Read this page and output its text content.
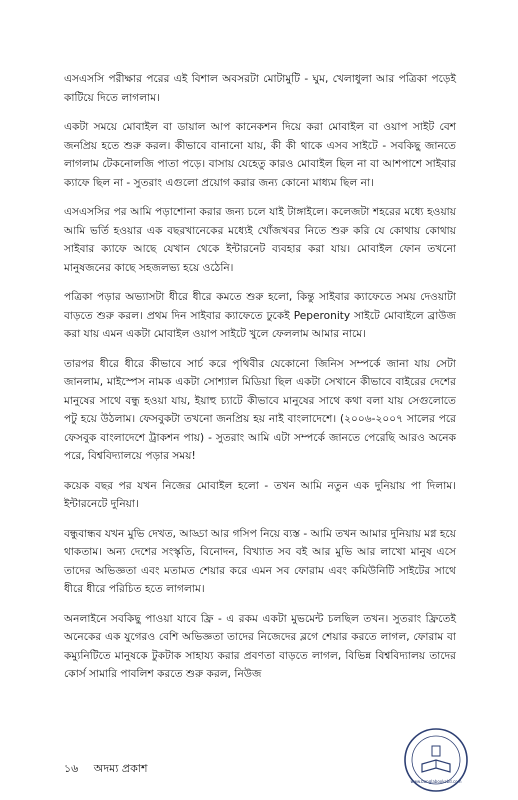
এসএসসি পরীক্ষার পরের এই বিশাল অবসরটা মোটামুটি - ঘুম, খেলাধুলা আর পত্রিকা পড়েই কাটিয়ে দিতে লাগলাম।

একটা সময়ে মোবাইল বা ডায়াল আপ কানেকশন দিয়ে করা মোবাইল বা ওয়াপ সাইট বেশ জনপ্রিয় হতে শুরু করল। কীভাবে বানানো যায়, কী কী থাকে এসব সাইটে - সবকিছু জানতে লাগলাম টেকনোলজি পাতা পড়ে। বাসায় যেহেতু কারও মোবাইল ছিল না বা আশপাশে সাইবার ক্যাফে ছিল না - সুতরাং এগুলো প্রয়োগ করার জন্য কোনো মাধ্যম ছিল না।

এসএসসির পর আমি পড়াশোনা করার জন্য চলে যাই টাঙ্গাইলে। কলেজটা শহরের মধ্যে হওয়ায় আমি ভর্তি হওয়ার এক বছরখানেকের মধ্যেই খোঁজখবর নিতে শুরু করি যে কোথায় কোথায় সাইবার ক্যাফে আছে যেখান থেকে ইন্টারনেট ব্যবহার করা যায়। মোবাইল ফোন তখনো মানুষজনের কাছে সহজলভ্য হয়ে ওঠেনি।

পত্রিকা পড়ার অভ্যাসটা ধীরে ধীরে কমতে শুরু হলো, কিন্তু সাইবার ক্যাফেতে সময় দেওয়াটা বাড়তে শুরু করল। প্রথম দিন সাইবার ক্যাফেতে ঢুকেই Peperonity সাইটে মোবাইলে ব্রাউজ করা যায় এমন একটা মোবাইল ওয়াপ সাইটে খুলে ফেললাম আমার নামে।

তারপর ধীরে ধীরে কীভাবে সার্চ করে পৃথিবীর যেকোনো জিনিস সম্পর্কে জানা যায় সেটা জানলাম, মাইস্পেস নামক একটা সোশ্যাল মিডিয়া ছিল একটা সেখানে কীভাবে বাইরের দেশের মানুষের সাথে বন্ধু হওয়া যায়, ইয়াহু চ্যাটে কীভাবে মানুষের সাথে কথা বলা যায় সেগুলোতে পটু হয়ে উঠলাম। ফেসবুকটা তখনো জনপ্রিয় হয় নাই বাংলাদেশে। (২০০৬-২০০৭ সালের পরে ফেসবুক বাংলাদেশে ট্রাকশন পায়) - সুতরাং আমি এটা সম্পর্কে জানতে পেরেছি আরও অনেক পরে, বিশ্ববিদ্যালয়ে পড়ার সময়!

কয়েক বছর পর যখন নিজের মোবাইল হলো - তখন আমি নতুন এক দুনিয়ায় পা দিলাম। ইন্টারনেটে দুনিয়া।

বন্ধুবান্ধব যখন মুভি দেখত, আড্ডা আর গসিপ নিয়ে ব্যস্ত - আমি তখন আমার দুনিয়ায় মগ্ন হয়ে থাকতাম। অন্য দেশের সংস্কৃতি, বিনোদন, বিখ্যাত সব বই আর মুভি আর লাখো মানুষ এসে তাদের অভিজ্ঞতা এবং মতামত শেয়ার করে এমন সব ফোরাম এবং কমিউনিটি সাইটের সাথে ধীরে ধীরে পরিচিত হতে লাগলাম।

অনলাইনে সবকিছু পাওয়া যাবে ফ্রি - এ রকম একটা মুভমেন্ট চলছিল তখন। সুতরাং ফ্রিতেই অনেকের এক যুগেরও বেশি অভিজ্ঞতা তাদের নিজেদের ব্লগে শেয়ার করতে লাগল, ফোরাম বা কম্যুনিটিতে মানুষকে টুকটাক সাহায্য করার প্রবণতা বাড়তে লাগল, বিভিন্ন বিশ্ববিদ্যালয় তাদের কোর্স সামারি পাবলিশ করতে শুরু করল, নিউজ

১৬ অদম্য প্রকাশ
www.banglabooksbd.com
